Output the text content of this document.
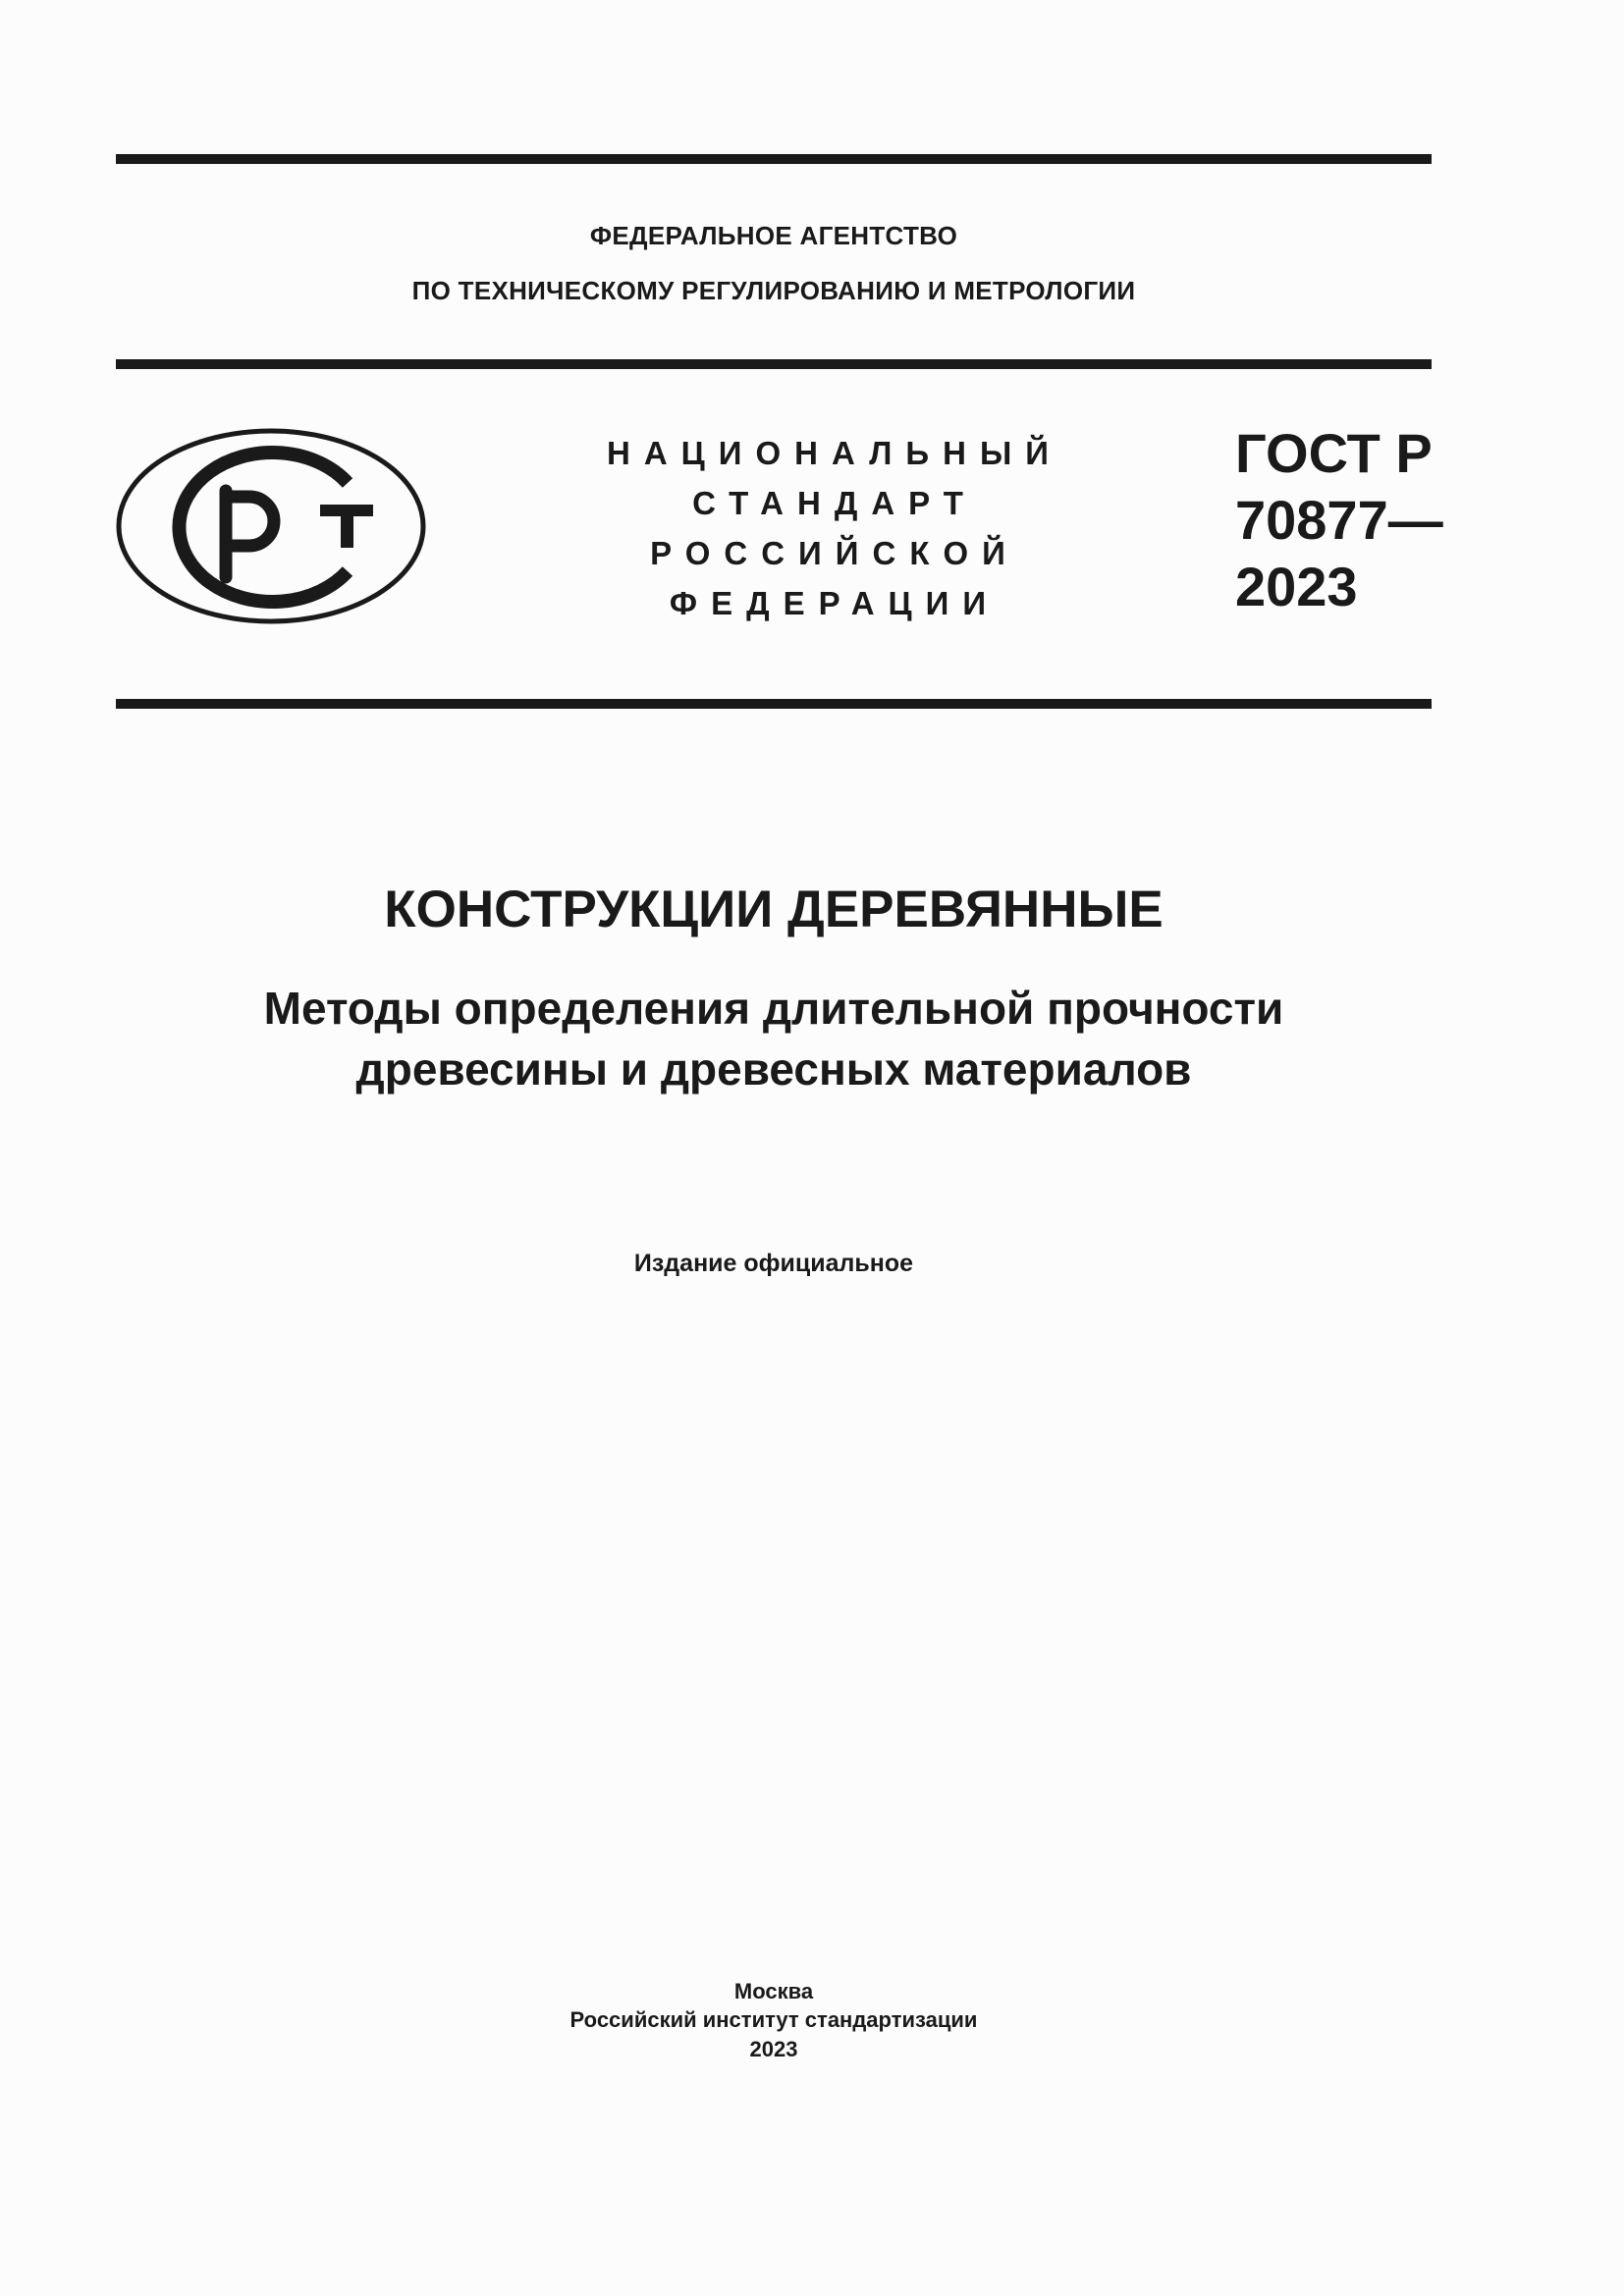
ФЕДЕРАЛЬНОЕ АГЕНТСТВО
ПО ТЕХНИЧЕСКОМУ РЕГУЛИРОВАНИЮ И МЕТРОЛОГИИ
НАЦИОНАЛЬНЫЙ
СТАНДАРТ
РОССИЙСКОЙ
ФЕДЕРАЦИИ
ГОСТ Р
70877—
2023
КОНСТРУКЦИИ ДЕРЕВЯННЫЕ
Методы определения длительной прочности
древесины и древесных материалов
Издание официальное
Москва
Российский институт стандартизации
2023
